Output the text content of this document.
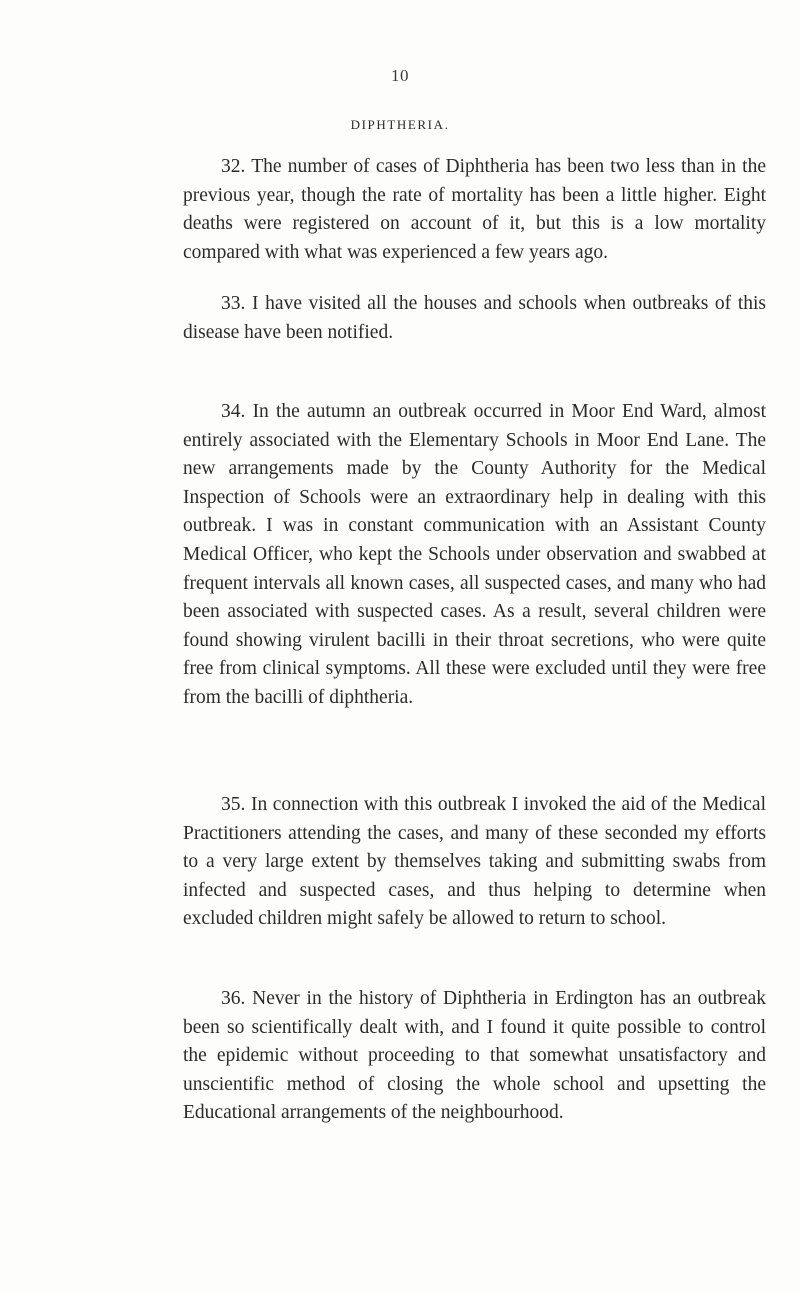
10
DIPHTHERIA.

32. The number of cases of Diphtheria has been two less than in the previous year, though the rate of mortality has been a little higher. Eight deaths were registered on account of it, but this is a low mortality compared with what was experienced a few years ago.

33. I have visited all the houses and schools when outbreaks of this disease have been notified.

34. In the autumn an outbreak occurred in Moor End Ward, almost entirely associated with the Elementary Schools in Moor End Lane. The new arrangements made by the County Authority for the Medical Inspection of Schools were an extraordinary help in dealing with this outbreak. I was in constant communication with an Assistant County Medical Officer, who kept the Schools under observation and swabbed at frequent intervals all known cases, all suspected cases, and many who had been associated with suspected cases. As a result, several children were found showing virulent bacilli in their throat secretions, who were quite free from clinical symptoms. All these were excluded until they were free from the bacilli of diphtheria.

35. In connection with this outbreak I invoked the aid of the Medical Practitioners attending the cases, and many of these seconded my efforts to a very large extent by themselves taking and submitting swabs from infected and suspected cases, and thus helping to determine when excluded children might safely be allowed to return to school.

36. Never in the history of Diphtheria in Erdington has an outbreak been so scientifically dealt with, and I found it quite possible to control the epidemic without proceeding to that somewhat unsatisfactory and unscientific method of closing the whole school and upsetting the Educational arrangements of the neighbourhood.
